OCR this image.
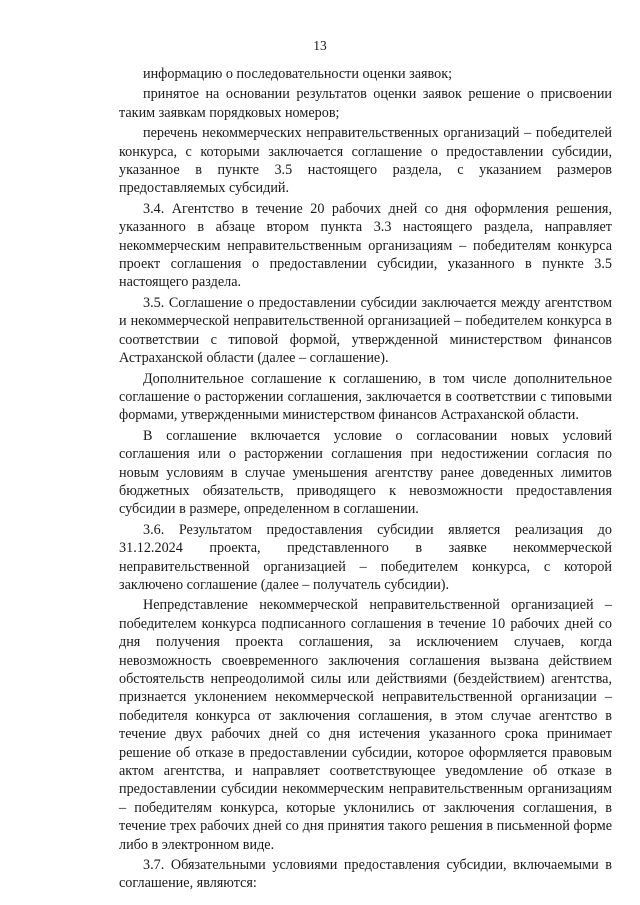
13

информацию о последовательности оценки заявок;

принятое на основании результатов оценки заявок решение о присвоении таким заявкам порядковых номеров;

перечень некоммерческих неправительственных организаций – победителей конкурса, с которыми заключается соглашение о предоставлении субсидии, указанное в пункте 3.5 настоящего раздела, с указанием размеров предоставляемых субсидий.

3.4. Агентство в течение 20 рабочих дней со дня оформления решения, указанного в абзаце втором пункта 3.3 настоящего раздела, направляет некоммерческим неправительственным организациям – победителям конкурса проект соглашения о предоставлении субсидии, указанного в пункте 3.5 настоящего раздела.

3.5. Соглашение о предоставлении субсидии заключается между агентством и некоммерческой неправительственной организацией – победителем конкурса в соответствии с типовой формой, утвержденной министерством финансов Астраханской области (далее – соглашение).

Дополнительное соглашение к соглашению, в том числе дополнительное соглашение о расторжении соглашения, заключается в соответствии с типовыми формами, утвержденными министерством финансов Астраханской области.

В соглашение включается условие о согласовании новых условий соглашения или о расторжении соглашения при недостижении согласия по новым условиям в случае уменьшения агентству ранее доведенных лимитов бюджетных обязательств, приводящего к невозможности предоставления субсидии в размере, определенном в соглашении.

3.6. Результатом предоставления субсидии является реализация до 31.12.2024 проекта, представленного в заявке некоммерческой неправительственной организацией – победителем конкурса, с которой заключено соглашение (далее – получатель субсидии).

Непредставление некоммерческой неправительственной организацией – победителем конкурса подписанного соглашения в течение 10 рабочих дней со дня получения проекта соглашения, за исключением случаев, когда невозможность своевременного заключения соглашения вызвана действием обстоятельств непреодолимой силы или действиями (бездействием) агентства, признается уклонением некоммерческой неправительственной организации – победителя конкурса от заключения соглашения, в этом случае агентство в течение двух рабочих дней со дня истечения указанного срока принимает решение об отказе в предоставлении субсидии, которое оформляется правовым актом агентства, и направляет соответствующее уведомление об отказе в предоставлении субсидии некоммерческим неправительственным организациям – победителям конкурса, которые уклонились от заключения соглашения, в течение трех рабочих дней со дня принятия такого решения в письменной форме либо в электронном виде.

3.7. Обязательными условиями предоставления субсидии, включаемыми в соглашение, являются:
